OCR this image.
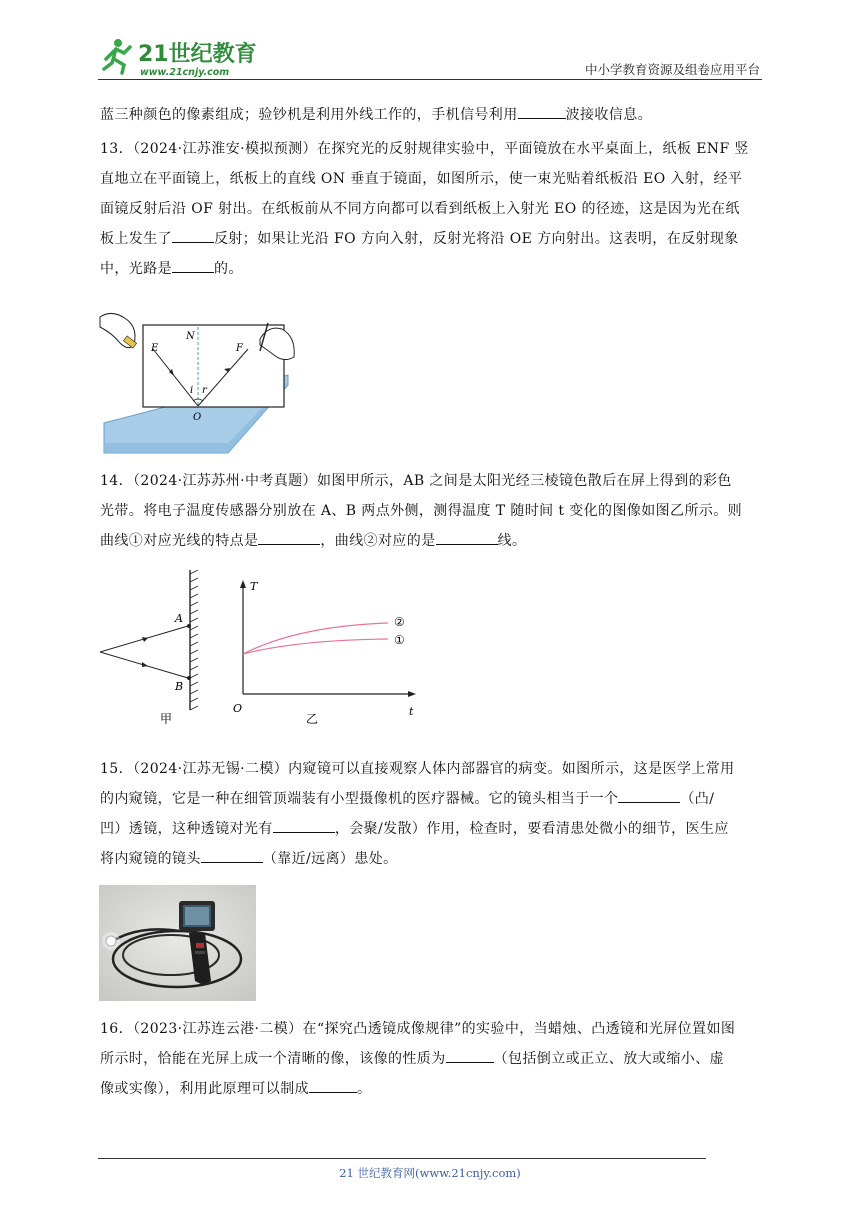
21世纪教育
www.21cnjy.com	中小学教育资源及组卷应用平台
蓝三种颜色的像素组成；验钞机是利用外线工作的，手机信号利用	波接收信息。
13．（2024·江苏淮安·模拟预测）在探究光的反射规律实验中，平面镜放在水平桌面上，纸板 ENF 竖
直地立在平面镜上，纸板上的直线 ON 垂直于镜面，如图所示，使一束光贴着纸板沿 EO 入射，经平
面镜反射后沿 OF 射出。在纸板前从不同方向都可以看到纸板上入射光 EO 的径迹，这是因为光在纸
板上发生了	反射；如果让光沿 FO 方向入射，反射光将沿 OE 方向射出。这表明，在反射现象
中，光路是	的。
E
N
F
i r
O
14．（2024·江苏苏州·中考真题）如图甲所示，AB 之间是太阳光经三棱镜色散后在屏上得到的彩色
光带。将电子温度传感器分别放在 A、B 两点外侧，测得温度 T 随时间 t 变化的图像如图乙所示。则
曲线①对应光线的特点是	，曲线②对应的是	线。
A
B
甲
T
O	t
②
①
乙
15．（2024·江苏无锡·二模）内窥镜可以直接观察人体内部器官的病变。如图所示，这是医学上常用
的内窥镜，它是一种在细管顶端装有小型摄像机的医疗器械。它的镜头相当于一个	（凸/
凹）透镜，这种透镜对光有	，会聚/发散）作用，检查时，要看清患处微小的细节，医生应
将内窥镜的镜头	（靠近/远离）患处。
16．（2023·江苏连云港·二模）在“探究凸透镜成像规律”的实验中，当蜡烛、凸透镜和光屏位置如图
所示时，恰能在光屏上成一个清晰的像，该像的性质为	（包括倒立或正立、放大或缩小、虚
像或实像），利用此原理可以制成	。
21 世纪教育网(www.21cnjy.com)
